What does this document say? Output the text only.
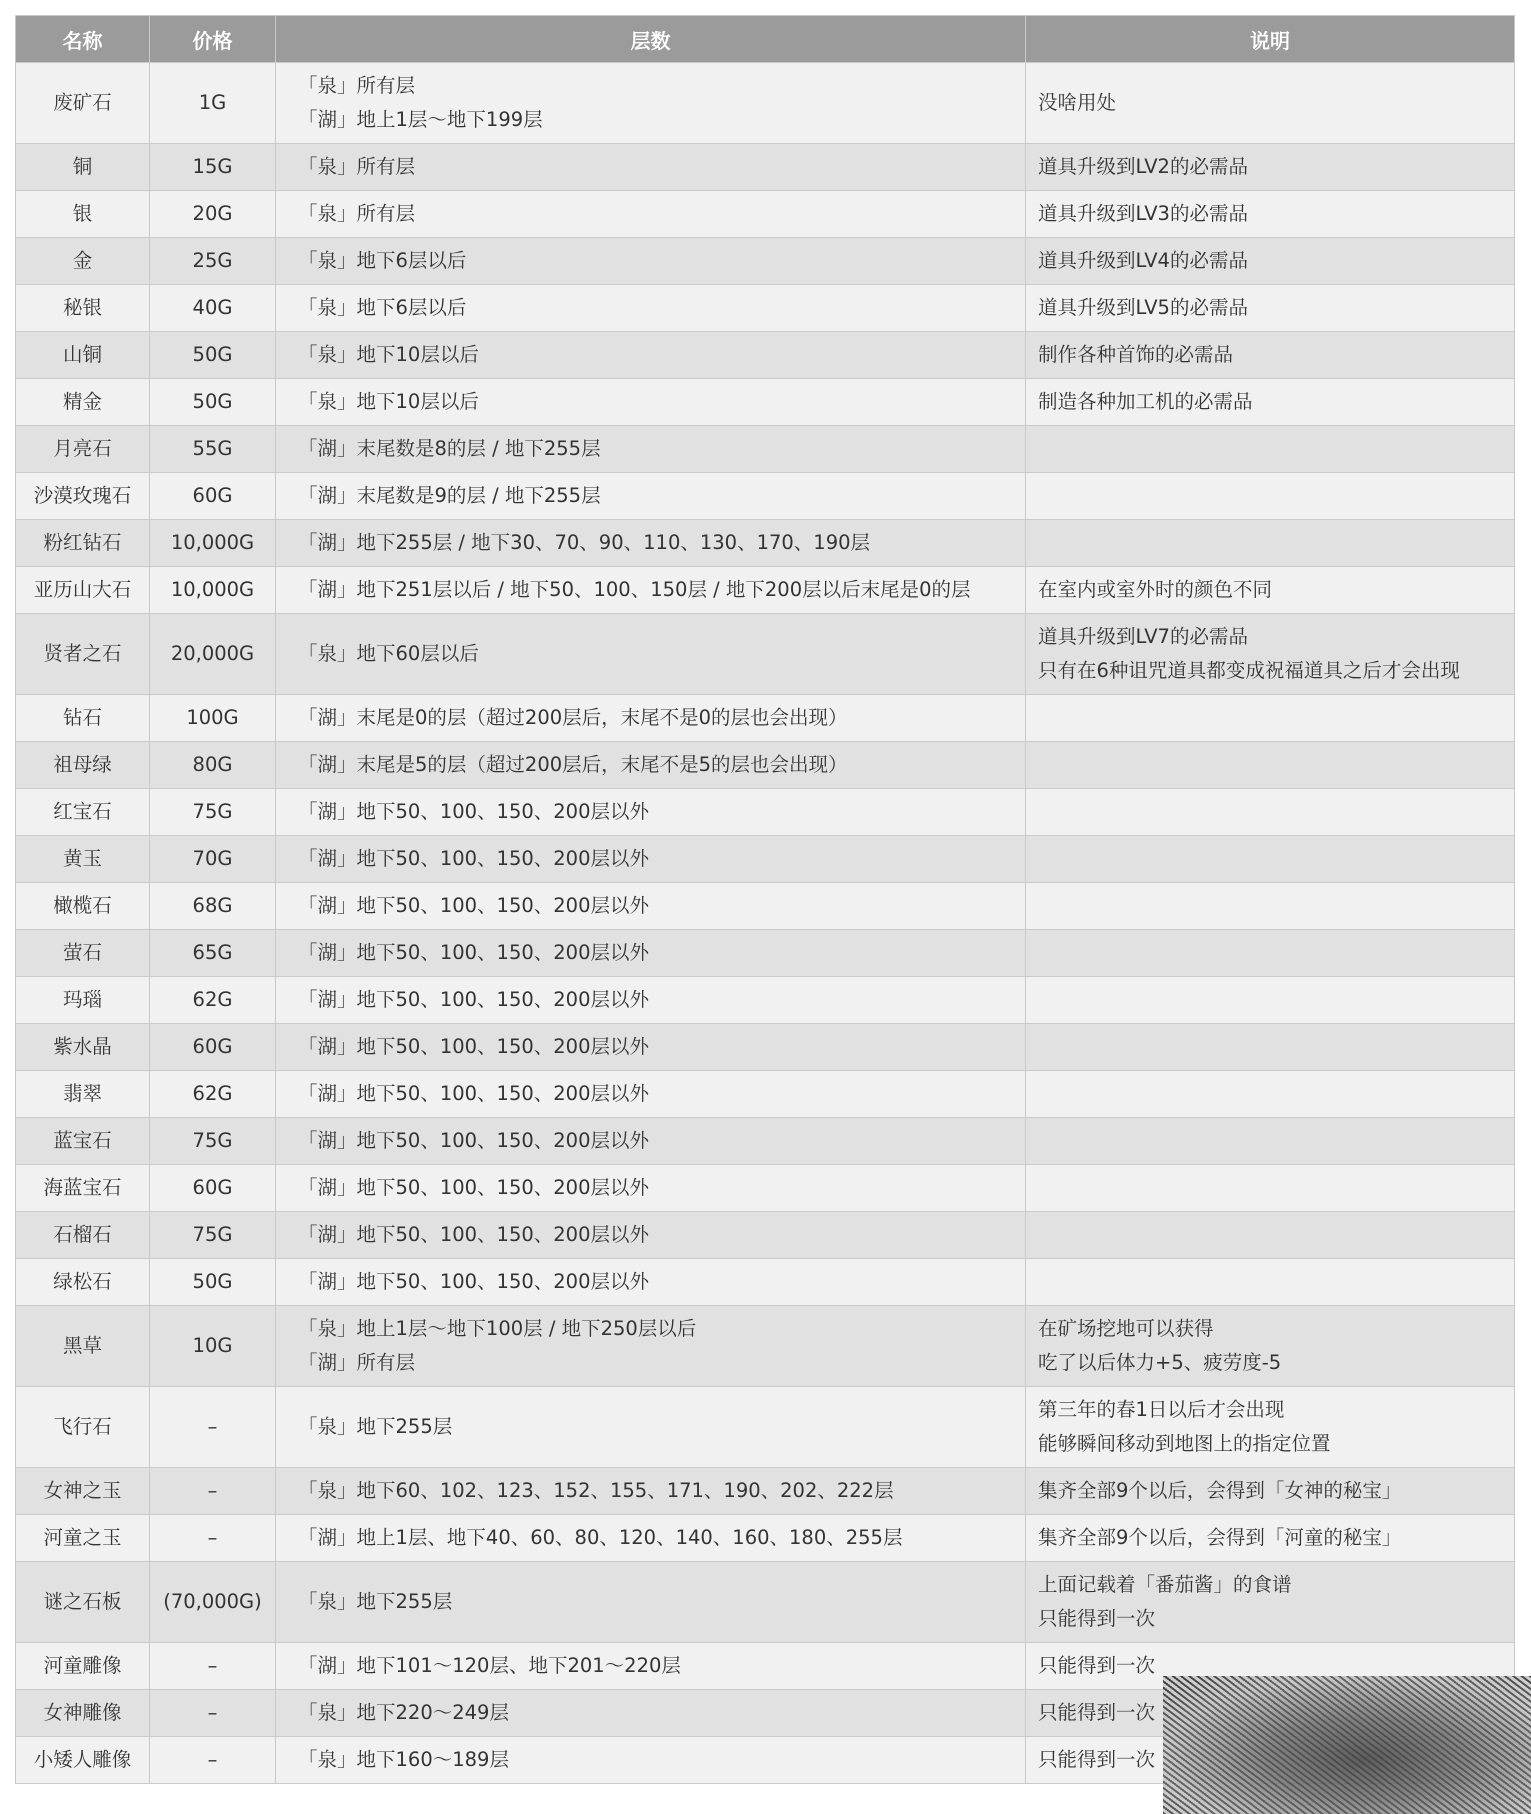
名称	价格	层数	说明
废矿石	1G	「泉」所有层
「湖」地上1层～地下199层	没啥用处

铜	15G	「泉」所有层	道具升级到LV2的必需品

银	20G	「泉」所有层	道具升级到LV3的必需品

金	25G	「泉」地下6层以后	道具升级到LV4的必需品

秘银	40G	「泉」地下6层以后	道具升级到LV5的必需品

山铜	50G	「泉」地下10层以后	制作各种首饰的必需品

精金	50G	「泉」地下10层以后	制造各种加工机的必需品

月亮石	55G	「湖」末尾数是8的层 / 地下255层	

沙漠玫瑰石	60G	「湖」末尾数是9的层 / 地下255层	

粉红钻石	10,000G	「湖」地下255层 / 地下30、70、90、110、130、170、190层	

亚历山大石	10,000G	「湖」地下251层以后 / 地下50、100、150层 / 地下200层以后末尾是0的层	在室内或室外时的颜色不同

贤者之石	20,000G	「泉」地下60层以后	道具升级到LV7的必需品
只有在6种诅咒道具都变成祝福道具之后才会出现

钻石	100G	「湖」末尾是0的层（超过200层后，末尾不是0的层也会出现）	

祖母绿	80G	「湖」末尾是5的层（超过200层后，末尾不是5的层也会出现）	

红宝石	75G	「湖」地下50、100、150、200层以外	

黄玉	70G	「湖」地下50、100、150、200层以外	

橄榄石	68G	「湖」地下50、100、150、200层以外	

萤石	65G	「湖」地下50、100、150、200层以外	

玛瑙	62G	「湖」地下50、100、150、200层以外	

紫水晶	60G	「湖」地下50、100、150、200层以外	

翡翠	62G	「湖」地下50、100、150、200层以外	

蓝宝石	75G	「湖」地下50、100、150、200层以外	

海蓝宝石	60G	「湖」地下50、100、150、200层以外	

石榴石	75G	「湖」地下50、100、150、200层以外	

绿松石	50G	「湖」地下50、100、150、200层以外	

黑草	10G	「泉」地上1层～地下100层 / 地下250层以后
「湖」所有层	在矿场挖地可以获得
吃了以后体力+5、疲劳度-5

飞行石	–	「泉」地下255层	第三年的春1日以后才会出现
能够瞬间移动到地图上的指定位置

女神之玉	–	「泉」地下60、102、123、152、155、171、190、202、222层	集齐全部9个以后，会得到「女神的秘宝」

河童之玉	–	「湖」地上1层、地下40、60、80、120、140、160、180、255层	集齐全部9个以后，会得到「河童的秘宝」

谜之石板	(70,000G)	「泉」地下255层	上面记载着「番茄酱」的食谱
只能得到一次

河童雕像	–	「湖」地下101～120层、地下201～220层	只能得到一次

女神雕像	–	「泉」地下220～249层	只能得到一次

小矮人雕像	–	「泉」地下160～189层	只能得到一次
